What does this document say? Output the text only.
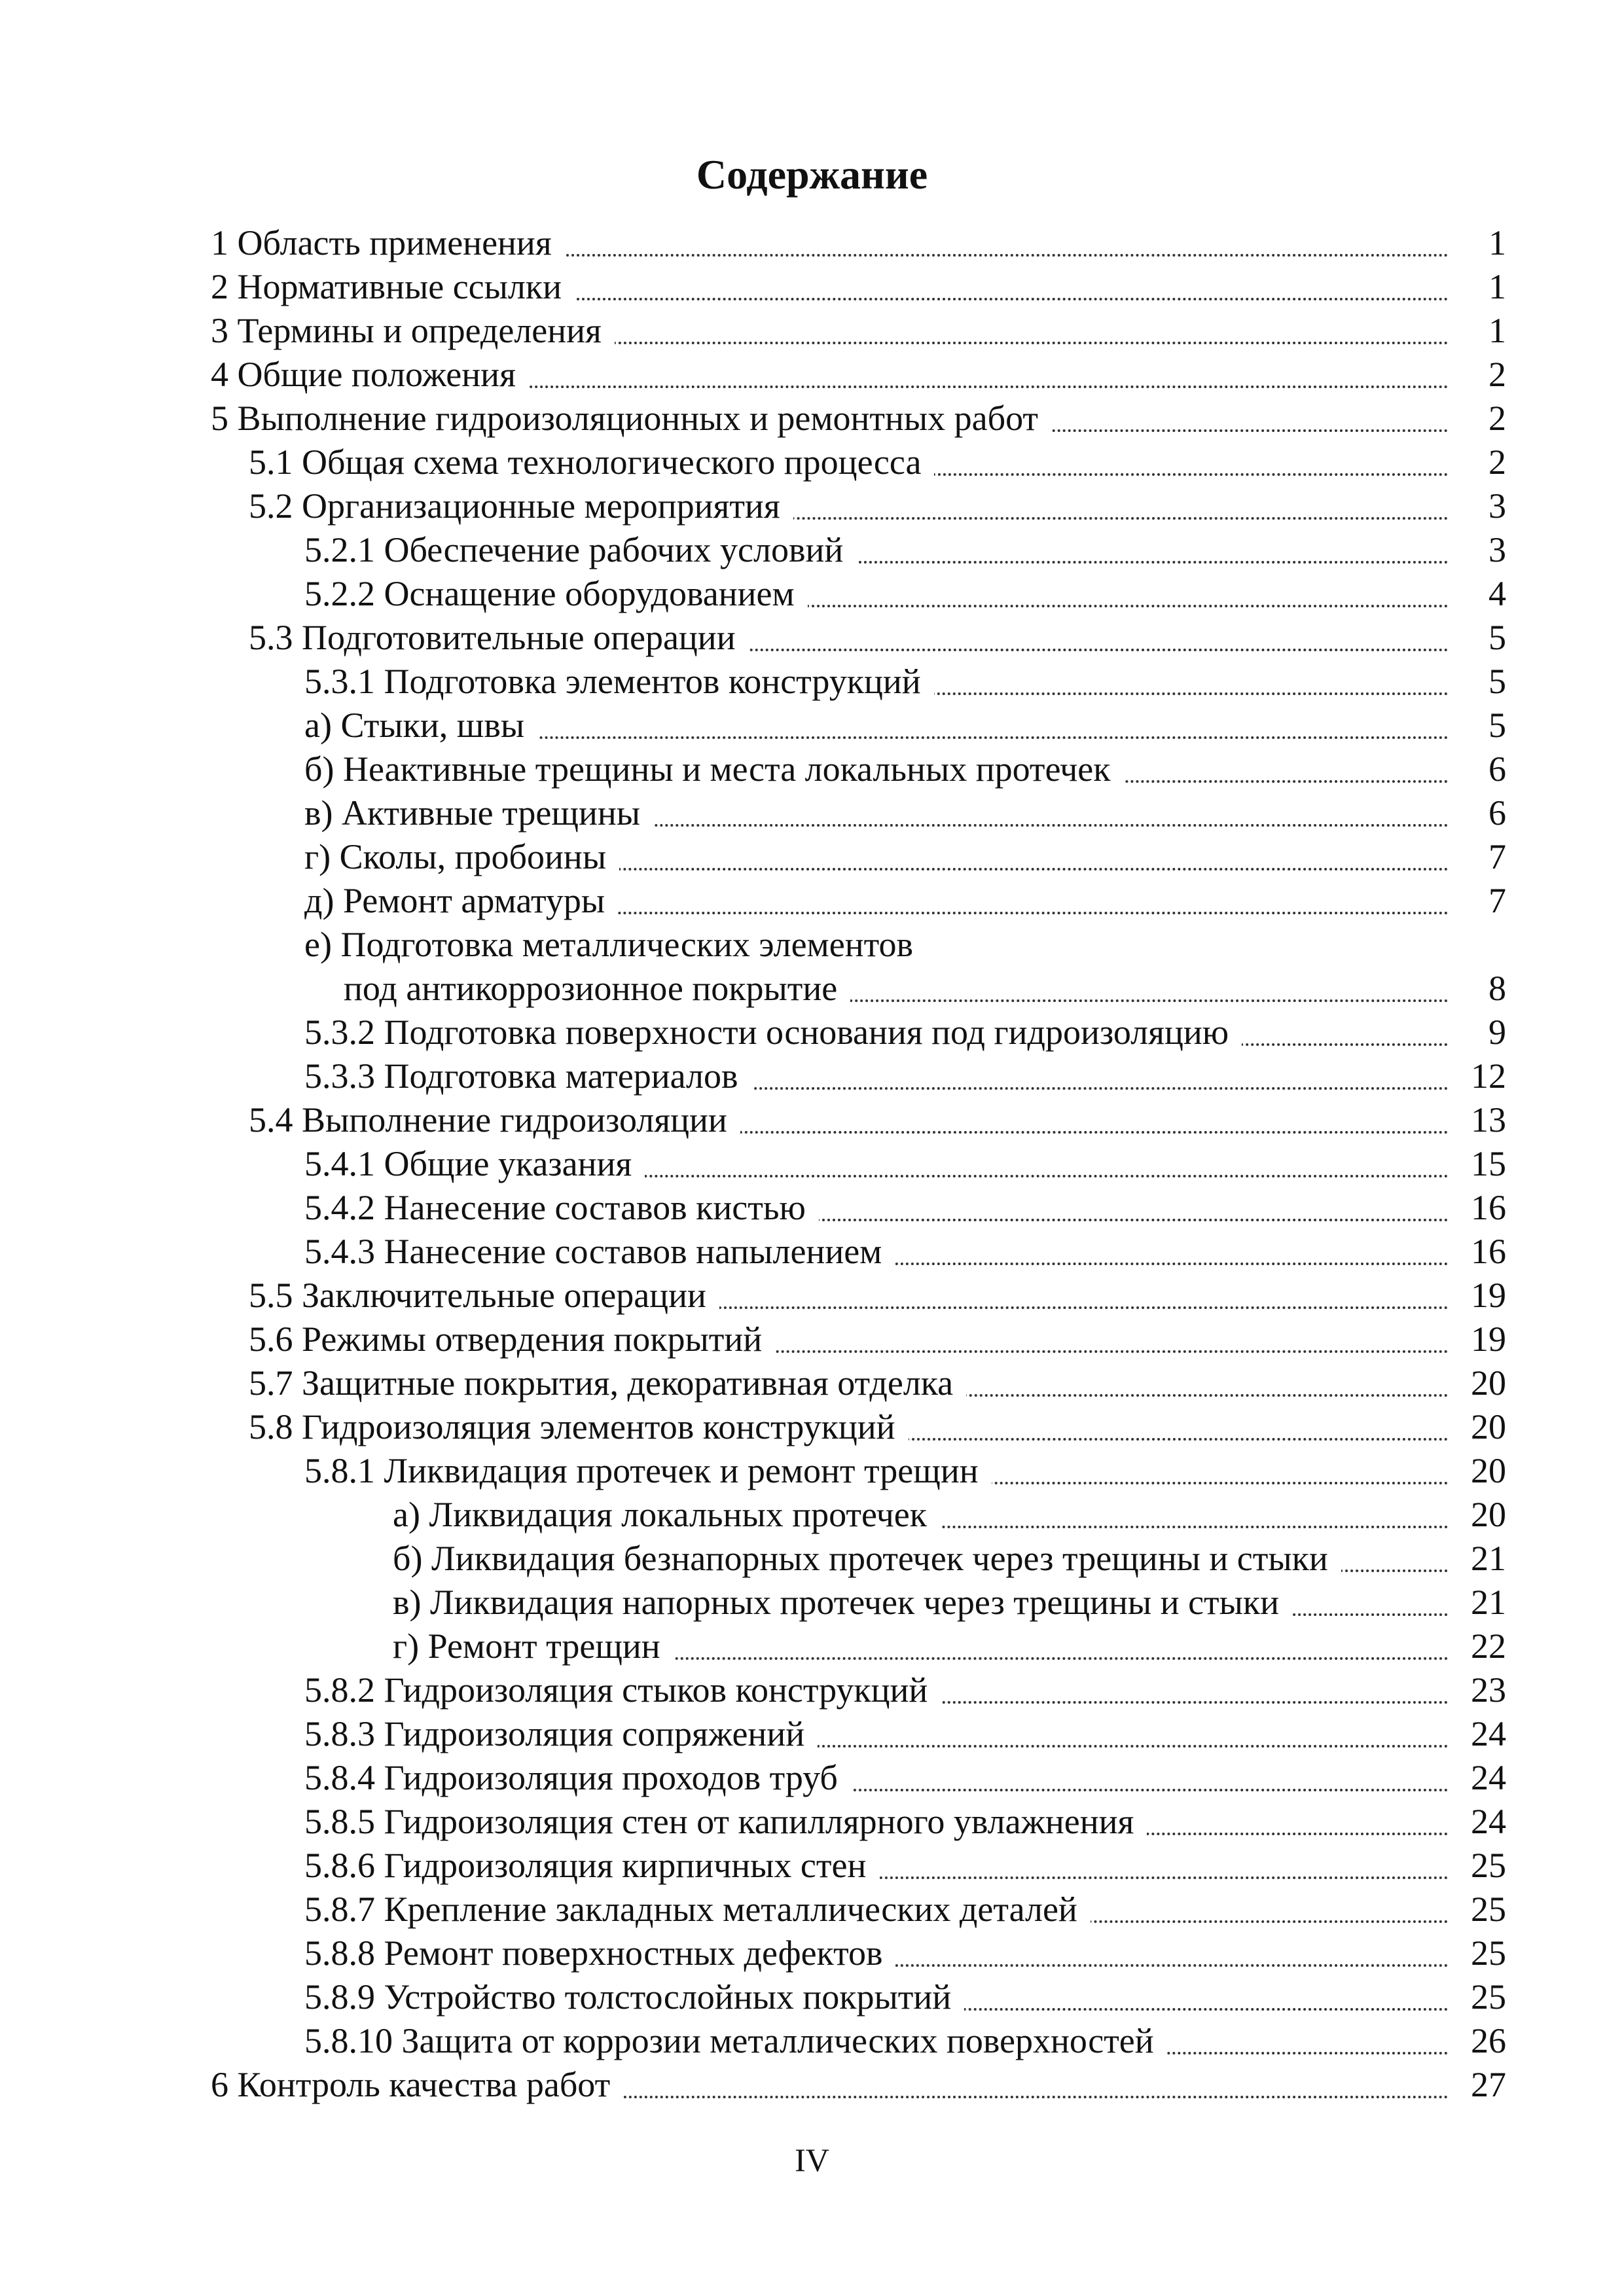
Содержание
1 Область применения	1
2 Нормативные ссылки	1
3 Термины и определения	1
4 Общие положения	2
5 Выполнение гидроизоляционных и ремонтных работ	2
5.1 Общая схема технологического процесса	2
5.2 Организационные мероприятия	3
5.2.1 Обеспечение рабочих условий	3
5.2.2 Оснащение оборудованием	4
5.3 Подготовительные операции	5
5.3.1 Подготовка элементов конструкций	5
а) Стыки, швы	5
б) Неактивные трещины и места локальных протечек	6
в) Активные трещины	6
г) Сколы, пробоины	7
д) Ремонт арматуры	7
е) Подготовка металлических элементов
под антикоррозионное покрытие	8
5.3.2 Подготовка поверхности основания под гидроизоляцию	9
5.3.3 Подготовка материалов	12
5.4 Выполнение гидроизоляции	13
5.4.1 Общие указания	15
5.4.2 Нанесение составов кистью	16
5.4.3 Нанесение составов напылением	16
5.5 Заключительные операции	19
5.6 Режимы отвердения покрытий	19
5.7 Защитные покрытия, декоративная отделка	20
5.8 Гидроизоляция элементов конструкций	20
5.8.1 Ликвидация протечек и ремонт трещин	20
а) Ликвидация локальных протечек	20
б) Ликвидация безнапорных протечек через трещины и стыки	21
в) Ликвидация напорных протечек через трещины и стыки	21
г) Ремонт трещин	22
5.8.2 Гидроизоляция стыков конструкций	23
5.8.3 Гидроизоляция сопряжений	24
5.8.4 Гидроизоляция проходов труб	24
5.8.5 Гидроизоляция стен от капиллярного увлажнения	24
5.8.6 Гидроизоляция кирпичных стен	25
5.8.7 Крепление закладных металлических деталей	25
5.8.8 Ремонт поверхностных дефектов	25
5.8.9 Устройство толстослойных покрытий	25
5.8.10 Защита от коррозии металлических поверхностей	26
6 Контроль качества работ	27
IV
